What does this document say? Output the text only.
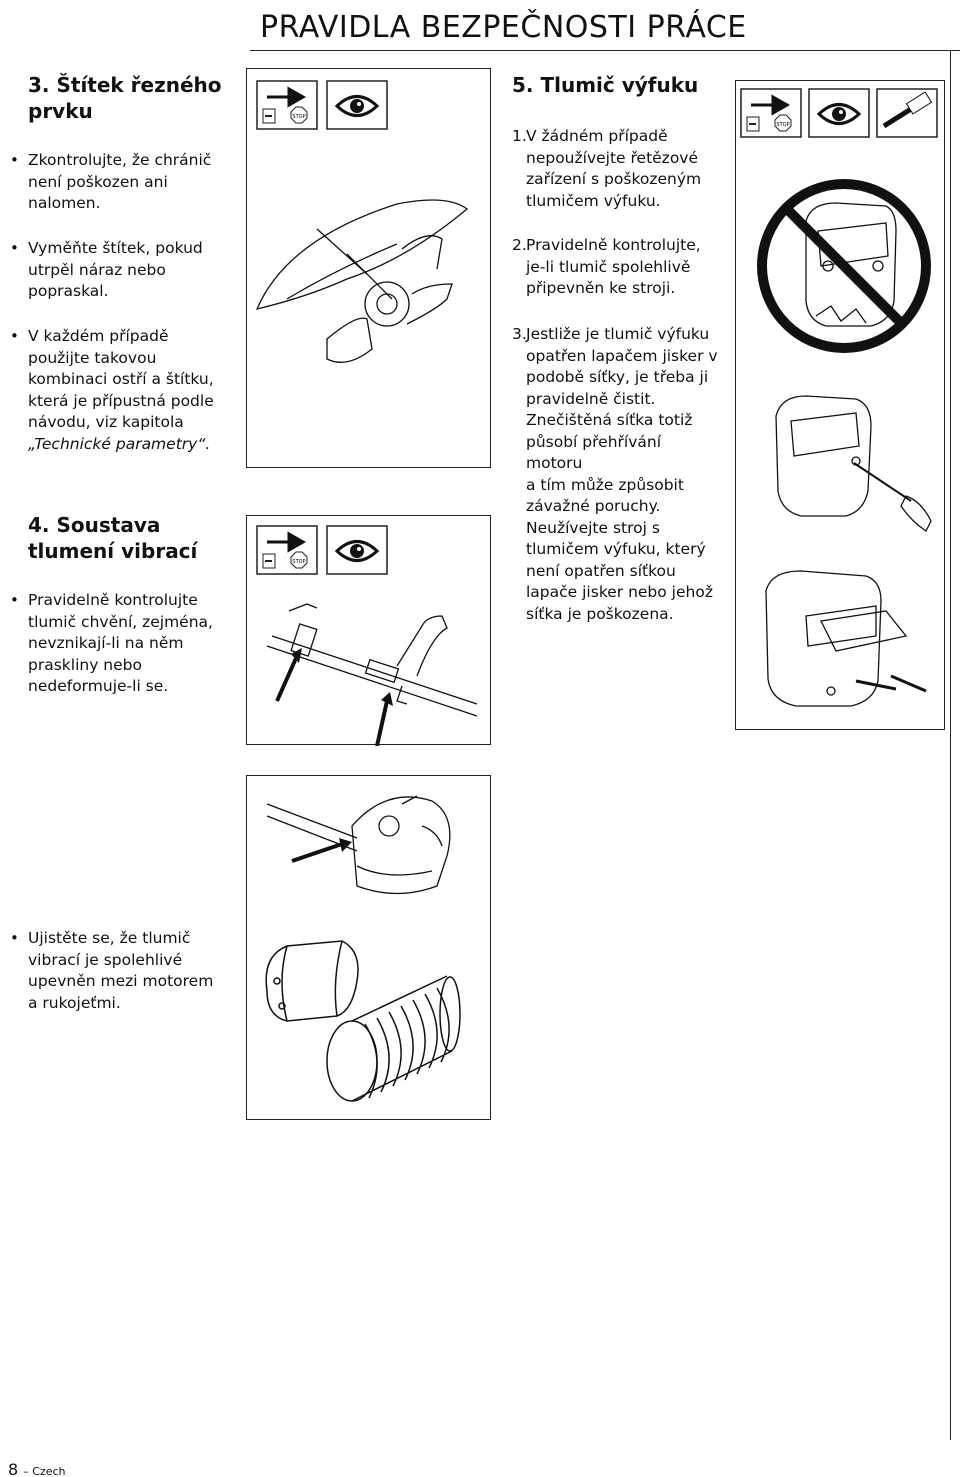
PRAVIDLA BEZPEČNOSTI PRÁCE
3. Štítek řezného
prvku
• Zkontrolujte, že chránič
není poškozen ani
nalomen.
• Vyměňte štítek, pokud
utrpěl náraz nebo
popraskal.
• V každém případě
použijte takovou
kombinaci ostří a štítku,
která je přípustná podle
návodu, viz kapitola
„Technické parametry“.
4. Soustava
tlumení vibrací
• Pravidelně kontrolujte
tlumič chvění, zejména,
nevznikají-li na něm
praskliny nebo
nedeformuje-li se.
• Ujistěte se, že tlumič
vibrací je spolehlivé
upevněn mezi motorem
a rukojeťmi.
5. Tlumič výfuku
1. V žádném případě
nepoužívejte řetězové
zařízení s poškozeným
tlumičem výfuku.
2. Pravidelně kontrolujte,
je-li tlumič spolehlivě
připevněn ke stroji.
3. Jestliže je tlumič výfuku
opatřen lapačem jisker v
podobě síťky, je třeba ji
pravidelně čistit.
Znečištěná síťka totiž
působí přehřívání motoru
a tím může způsobit
závažné poruchy.
Neužívejte stroj s
tlumičem výfuku, který
není opatřen síťkou
lapače jisker nebo jehož
síťka je poškozena.
STOP
STOP
STOP
8 – Czech
